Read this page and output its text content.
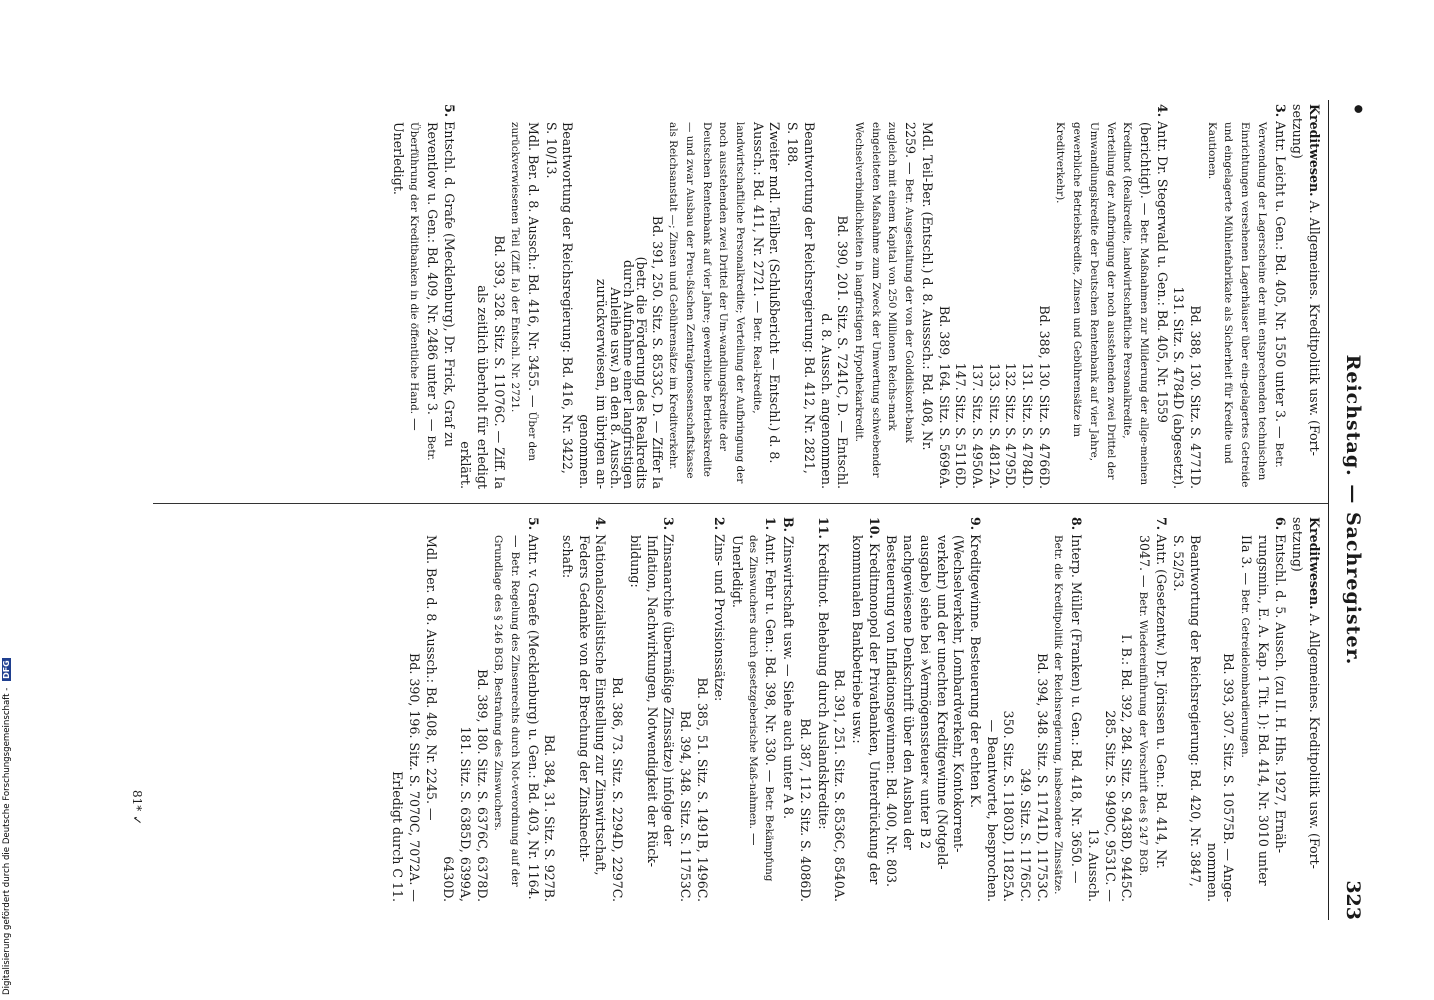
•
Reichstag. — Sachregister.
323
Kreditwesen. A. Allgemeines. Kreditpolitik usw. (Fort-setzung)
3. Antr. Leicht u. Gen.: Bd. 405, Nr. 1550 unter 3. — Betr. Verwendung der Lagerscheine der mit entsprechenden technischen Einrichtungen versehenen Lagerhäuser über ein-gelagertes Getreide und eingelagerte Mühlenfabrikate als Sicherheit für Kredite und Kautionen.
Bd. 388, 130. Sitz. S. 4771D.
131. Sitz. S. 4784D (abgesetzt).
4. Antr. Dr. Stegerwald u. Gen.: Bd. 405, Nr. 1559 (berichtigt). — Betr. Maßnahmen zur Milderung der allge-meinen Kreditnot (Realkredite, landwirtschaftliche Personalkredite, Verteilung der Aufbringung der noch ausstehenden zwei Drittel der Umwandlungskredite der Deutschen Rentenbank auf vier Jahre, gewerbliche Betriebskredite, Zinsen und Gebührensätze im Kreditverkehr).
Bd. 388, 130. Sitz. S. 4766D.
131. Sitz. S. 4784D.
132. Sitz. S. 4795D.
133. Sitz. S. 4812A.
137. Sitz. S. 4950A.
147. Sitz. S. 5116D.
Bd. 389, 164. Sitz. S. 5696A.
Mdl. Teil-Ber. (Entschl.) d. 8. Ausssch.: Bd. 408, Nr. 2259. — Betr. Ausgestaltung der von der Golddiskont-bank zugleich mit einem Kapital von 250 Millionen Reichs-mark eingeleiteten Maßnahme zum Zweck der Umwertung schwebender Wechselverbindlichkeiten in langfristigen Hypothekarkredit.
Bd. 390, 201. Sitz. S. 7241C, D. — Entschl.
d. 8. Aussch. angenommen.
Beantwortung der Reichsregierung: Bd. 412, Nr. 2821, S. 188.
Zweiter mdl. Teilber. (Schlußbericht — Entschl.) d. 8. Aussch.: Bd. 411, Nr. 2721. — Betr. Real-kredite, landwirtschaftliche Personalkredite; Verteilung der Aufbringung der noch ausstehenden zwei Drittel der Um-wandlungskredite der Deutschen Rentenbank auf vier Jahre; gewerbliche Betriebskredite — und zwar Ausbau der Preu-ßischen Zentralgenossenschaftskasse als Reichsanstalt —; Zinsen und Gebührensätze im Kreditverkehr.
Bd. 391, 250. Sitz. S. 8533C, D. — Ziffer Ia
(betr. die Förderung des Realkredits
durch Aufnahme einer langfristigen
Anleihe usw.) an den 8. Aussch.
zurückverwiesen, im übrigen an-
genommen.
Beantwortung der Reichsregierung: Bd. 416, Nr. 3422, S. 10/13.
Mdl. Ber. d. 8. Aussch.: Bd. 416, Nr. 3455. — Über den zurückverwiesenen Teil (Ziff. Ia) der Entschl. Nr. 2721.
Bd. 393, 328. Sitz. S. 11076C. — Ziff. Ia
als zeitlich überholt für erledigt
erklärt.
5. Entschl. d. Grafe (Mecklenburg), Dr. Frick, Graf zu Reventlow u. Gen.: Bd. 409, Nr. 2486 unter 3. — Betr. Überführung der Kreditbanken in die öffentliche Hand. — Unerledigt.
Kreditwesen. A. Allgemeines. Kreditpolitik usw. (Fort-setzung)
6. Entschl. d. 5. Aussch. (zu II. H. Hhs. 1927, Ernäh-rungsmin., E. A. Kap. 1 Tit. 1): Bd. 414, Nr. 3010 unter IIa 3. — Betr. Getreidelombardierungen.
Bd. 393, 307. Sitz. S. 10575B. — Ange-
nommen.
Beantwortung der Reichsregierung: Bd. 420, Nr. 3847, S. 52/53.
7. Antr. (Gesetzentw.) Dr. Jörissen u. Gen.: Bd. 414, Nr. 3047. — Betr. Wiedereinführung der Vorschrift des § 247 BGB.
I. B.: Bd. 392, 284. Sitz. S. 9438D, 9445C.
285. Sitz. S. 9490C, 9531C. —
13. Aussch.
8. Interp. Müller (Franken) u. Gen.: Bd. 418, Nr. 3650. — Betr. die Kreditpolitik der Reichsregierung, insbesondere Zinssätze.
Bd. 394, 348. Sitz. S. 11741D, 11753C.
349. Sitz. S. 11765C.
350. Sitz. S. 11803D, 11825A.
— Beantwortet, besprochen.
9. Kreditgewinne. Besteuerung der echten K. (Wechselverkehr, Lombardverkehr, Kontokorrent-verkehr) und der unechten Kreditgewinne (Notgeld-ausgabe) siehe bei »Vermögenssteuer« unter B 2 nachgewiesene Denkschrift über den Ausbau der Besteuerung von Inflationsgewinnen: Bd. 400, Nr. 803.
10. Kreditmonopol der Privatbanken, Unterdrückung der kommunalen Bankbetriebe usw.:
Bd. 391, 251. Sitz. S. 8536C, 8540A.
11. Kreditnot. Behebung durch Auslandskredite:
Bd. 387, 112. Sitz. S. 4086D.
B. Zinswirtschaft usw. — Siehe auch unter A 8.
1. Antr. Fehr u. Gen.: Bd. 398, Nr. 330. — Betr. Bekämpfung des Zinswuchers durch gesetzgeberische Maß-nahmen. — Unerledigt.
2. Zins- und Provisionssätze:
Bd. 385, 51. Sitz. S. 1491B, 1496C.
Bd. 394, 348. Sitz. S. 11753C.
3. Zinsanarchie (übermäßige Zinssätze) infolge der Inflation, Nachwirkungen, Notwendigkeit der Rück-bildung:
Bd. 386, 73. Sitz. S. 2294D, 2297C.
4. Nationalsozialistische Einstellung zur Zinswirtschaft, Feders Gedanke von der Brechung der Zinsknecht-schaft:
Bd. 384, 31. Sitz. S. 927B.
5. Antr. v. Graefe (Mecklenburg) u. Gen.: Bd. 403, Nr. 1164. — Betr. Regelung des Zinsenrechts durch Not-verordnung auf der Grundlage des § 246 BGB, Bestrafung des Zinswuchers.
Bd. 389, 180. Sitz. S. 6376C, 6378D.
181. Sitz. S. 6385D, 6399A,
6430D.
Mdl. Ber. d. 8. Aussch.: Bd. 408, Nr. 2245. —
Bd. 390, 196. Sitz. S. 7070C, 7072A. —
Erledigt durch C 11.
81* ✓
Digitalisierung gefördert durch die Deutsche Forschungsgemeinschaft - DFG
